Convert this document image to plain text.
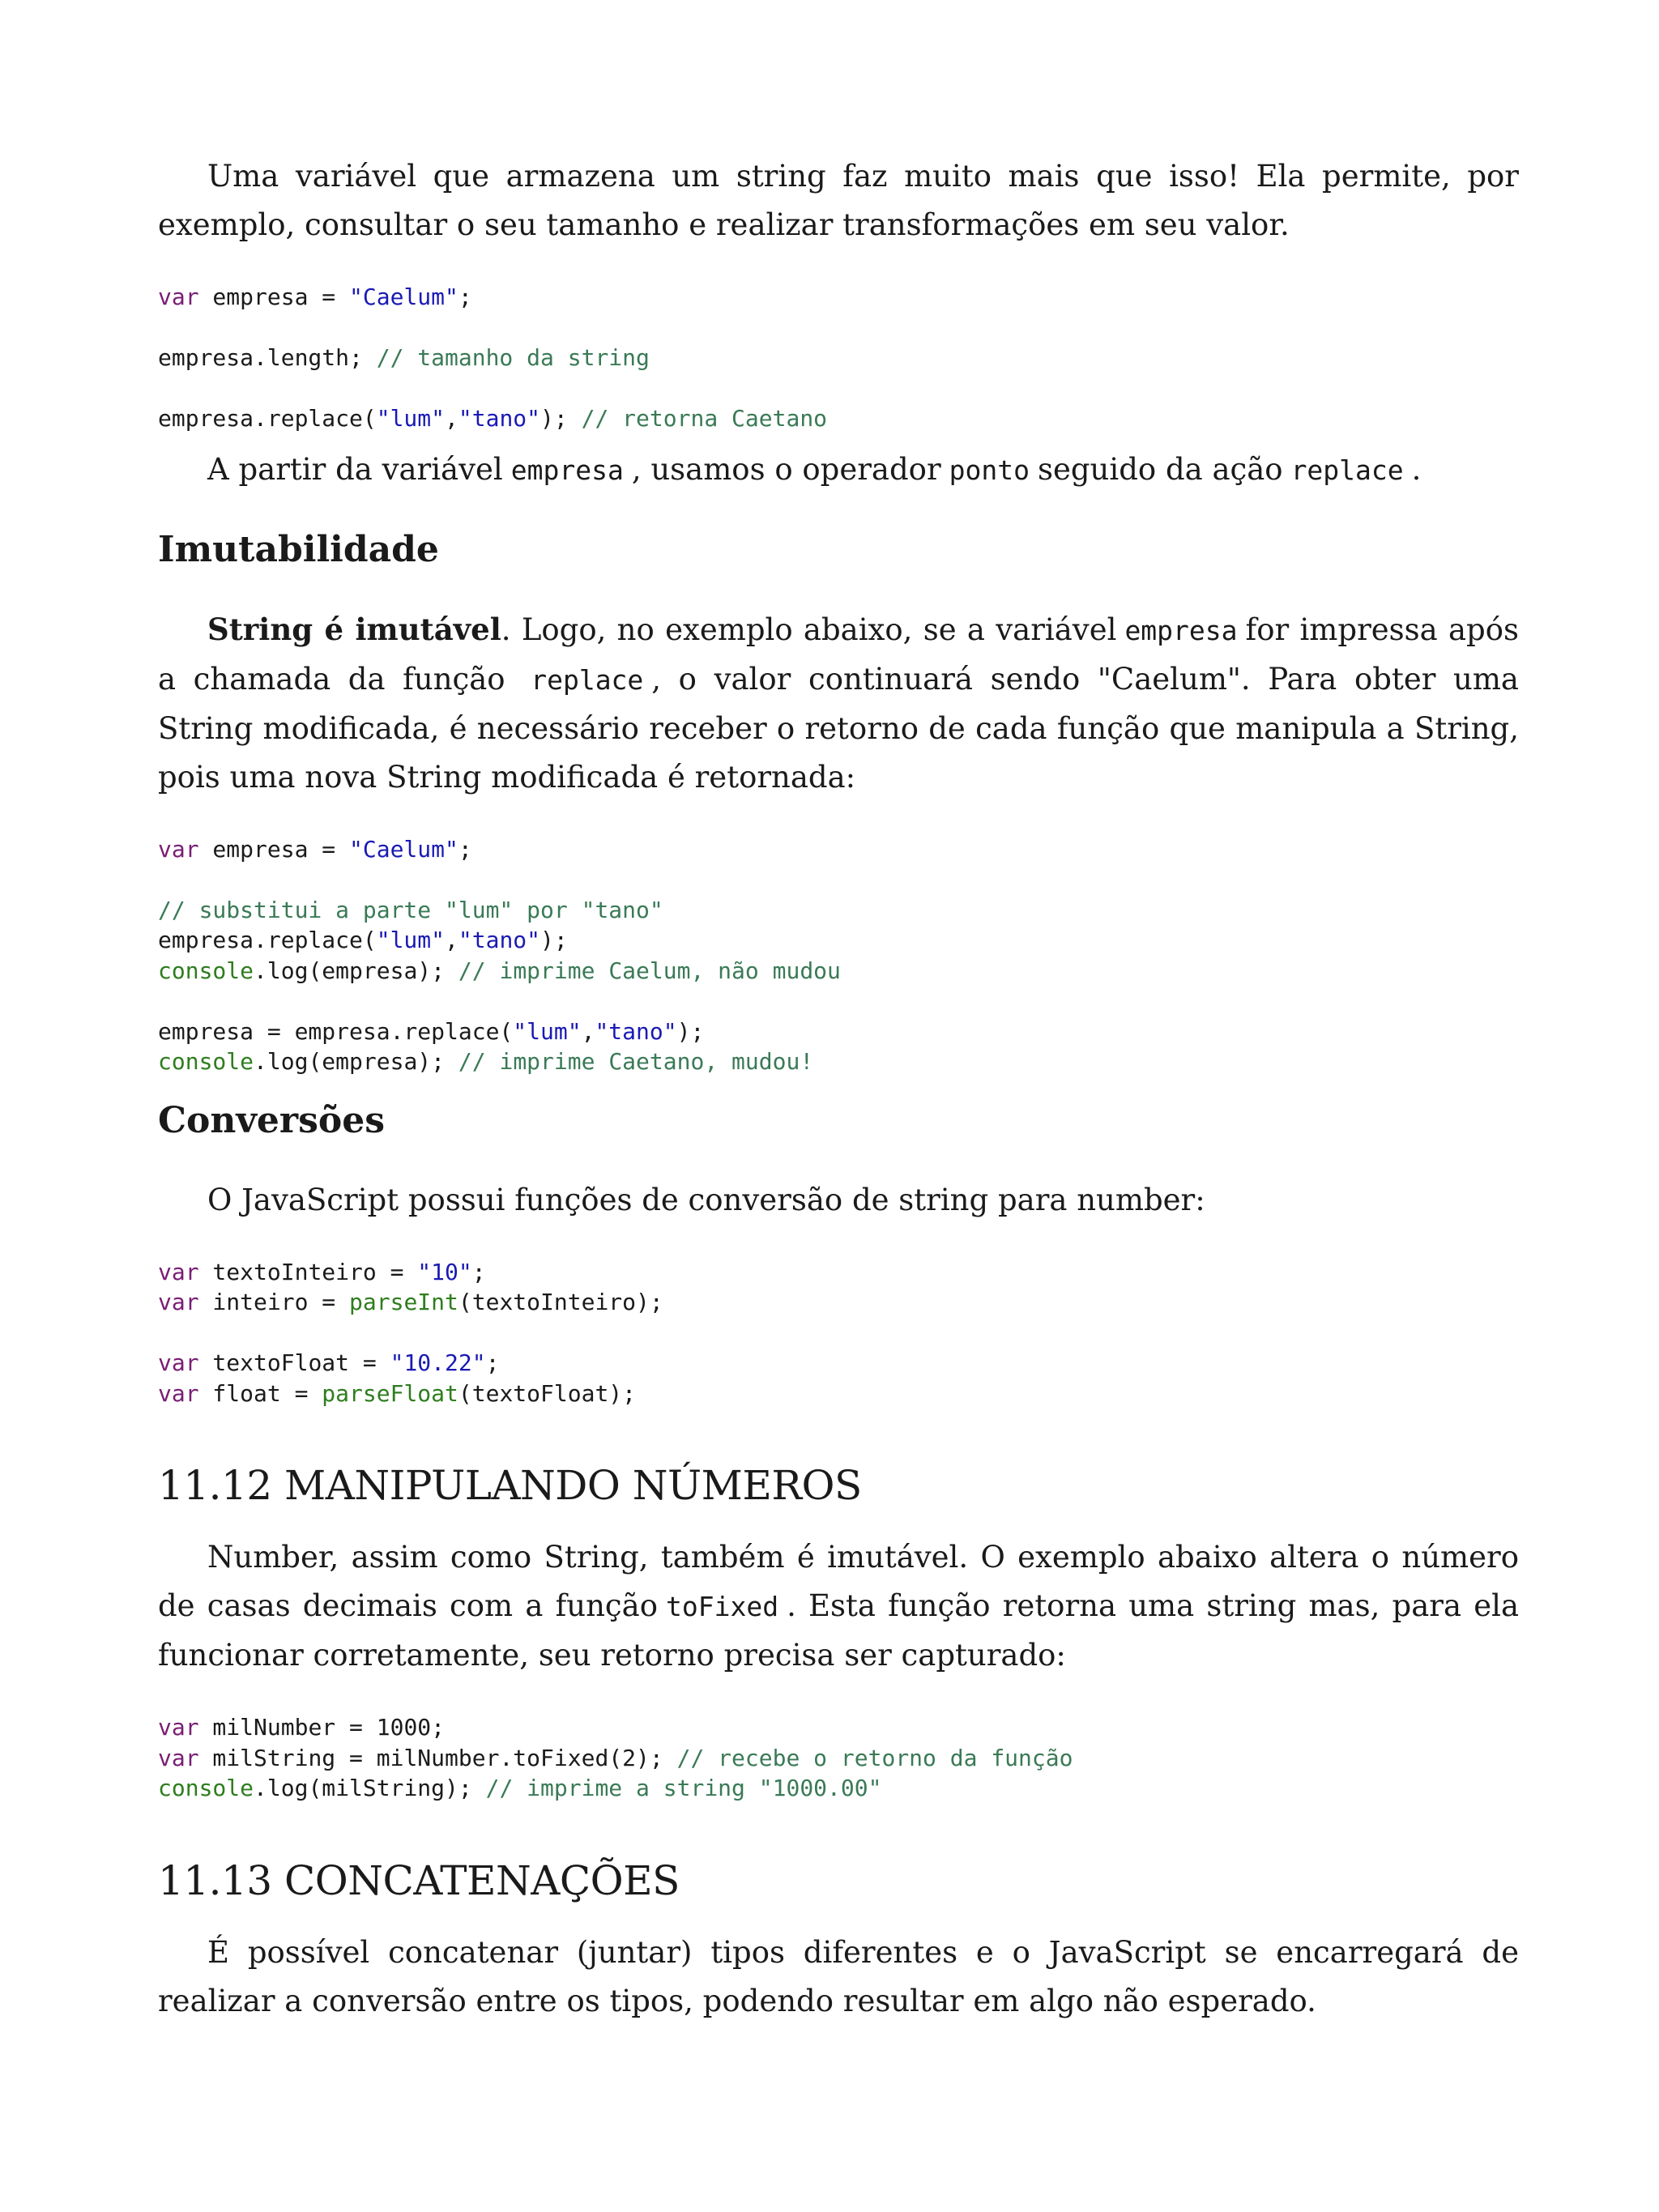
Uma variável que armazena um string faz muito mais que isso! Ela permite, por exemplo, consultar o seu tamanho e realizar transformações em seu valor.

var empresa = "Caelum";

empresa.length; // tamanho da string

empresa.replace("lum","tano"); // retorna Caetano

A partir da variável empresa , usamos o operador ponto seguido da ação replace .

Imutabilidade

String é imutável. Logo, no exemplo abaixo, se a variável empresa for impressa após a chamada da função replace , o valor continuará sendo "Caelum". Para obter uma String modificada, é necessário receber o retorno de cada função que manipula a String, pois uma nova String modificada é retornada:

var empresa = "Caelum";

// substitui a parte "lum" por "tano"
empresa.replace("lum","tano");
console.log(empresa); // imprime Caelum, não mudou

empresa = empresa.replace("lum","tano");
console.log(empresa); // imprime Caetano, mudou!
Conversões

O JavaScript possui funções de conversão de string para number:

var textoInteiro = "10";
var inteiro = parseInt(textoInteiro);

var textoFloat = "10.22";
var float = parseFloat(textoFloat);
11.12 MANIPULANDO NÚMEROS

Number, assim como String, também é imutável. O exemplo abaixo altera o número de casas decimais com a função toFixed . Esta função retorna uma string mas, para ela funcionar corretamente, seu retorno precisa ser capturado:

var milNumber = 1000;
var milString = milNumber.toFixed(2); // recebe o retorno da função
console.log(milString); // imprime a string "1000.00"
11.13 CONCATENAÇÕES

É possível concatenar (juntar) tipos diferentes e o JavaScript se encarregará de realizar a conversão entre os tipos, podendo resultar em algo não esperado.
